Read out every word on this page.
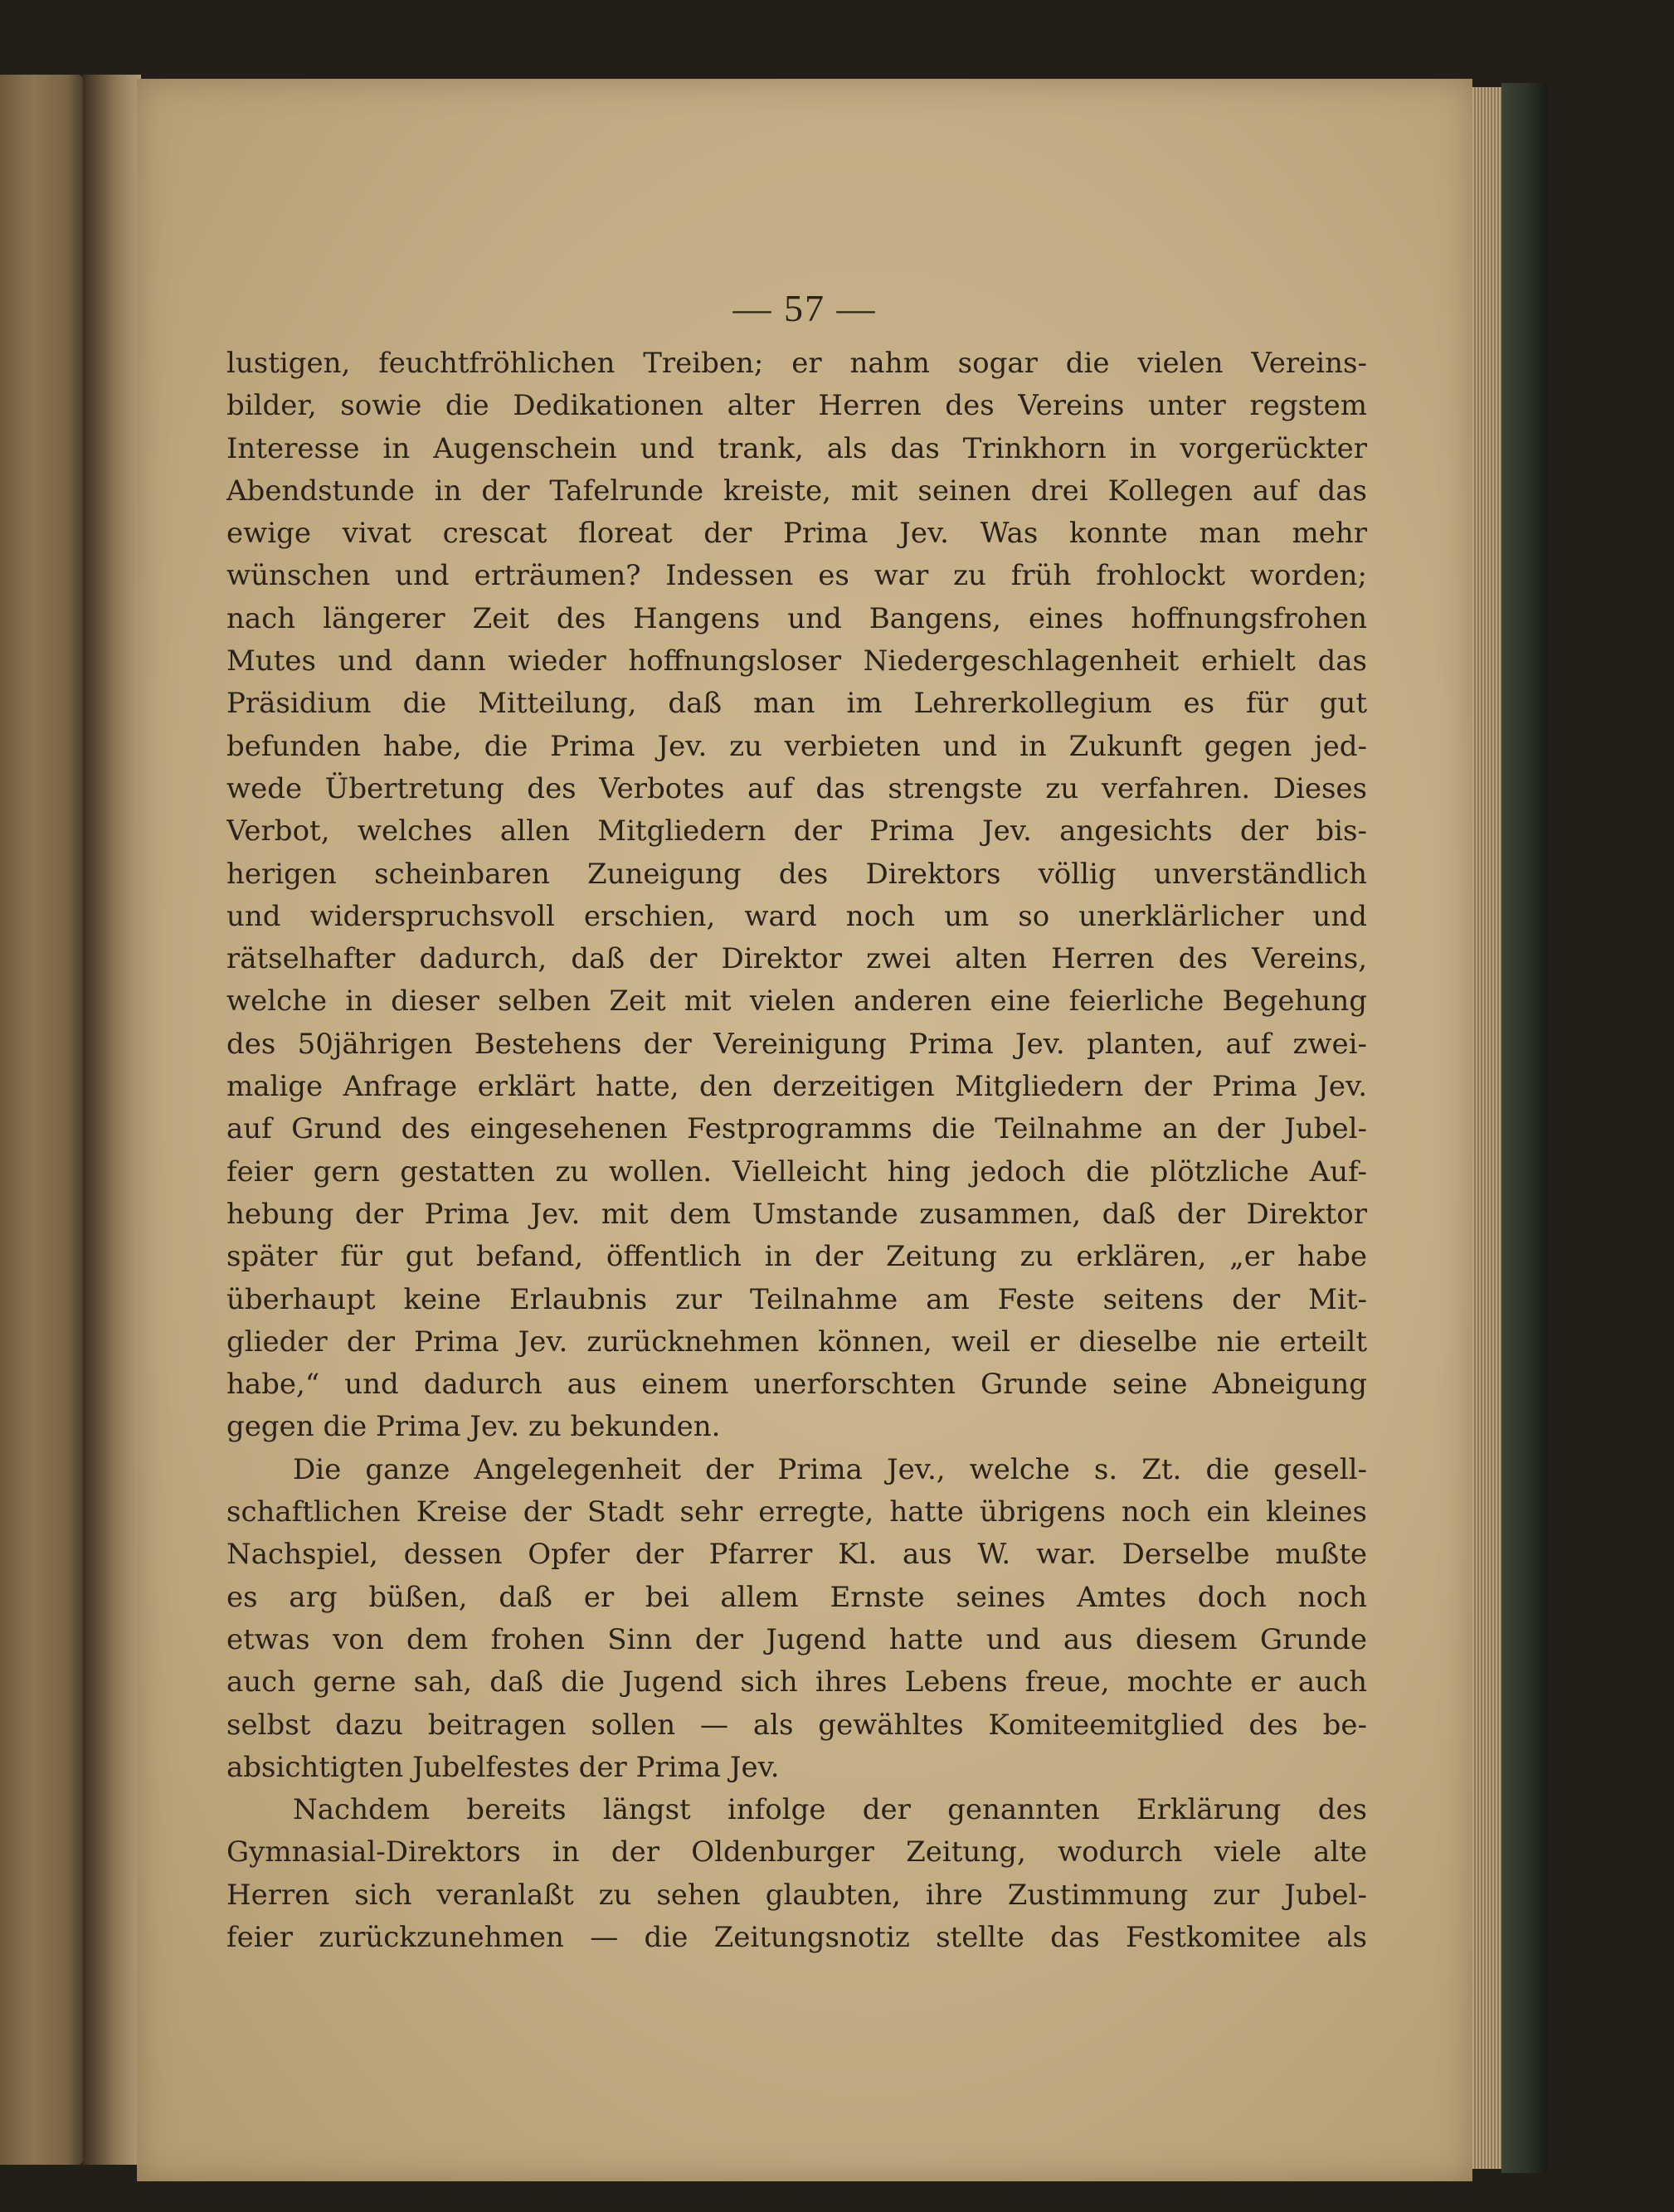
— 57 —
lustigen, feuchtfröhlichen Treiben; er nahm sogar die vielen Vereins-
bilder, sowie die Dedikationen alter Herren des Vereins unter regstem
Interesse in Augenschein und trank, als das Trinkhorn in vorgerückter
Abendstunde in der Tafelrunde kreiste, mit seinen drei Kollegen auf das
ewige vivat crescat floreat der Prima Jev. Was konnte man mehr
wünschen und erträumen? Indessen es war zu früh frohlockt worden;
nach längerer Zeit des Hangens und Bangens, eines hoffnungsfrohen
Mutes und dann wieder hoffnungsloser Niedergeschlagenheit erhielt das
Präsidium die Mitteilung, daß man im Lehrerkollegium es für gut
befunden habe, die Prima Jev. zu verbieten und in Zukunft gegen jed-
wede Übertretung des Verbotes auf das strengste zu verfahren. Dieses
Verbot, welches allen Mitgliedern der Prima Jev. angesichts der bis-
herigen scheinbaren Zuneigung des Direktors völlig unverständlich
und widerspruchsvoll erschien, ward noch um so unerklärlicher und
rätselhafter dadurch, daß der Direktor zwei alten Herren des Vereins,
welche in dieser selben Zeit mit vielen anderen eine feierliche Begehung
des 50jährigen Bestehens der Vereinigung Prima Jev. planten, auf zwei-
malige Anfrage erklärt hatte, den derzeitigen Mitgliedern der Prima Jev.
auf Grund des eingesehenen Festprogramms die Teilnahme an der Jubel-
feier gern gestatten zu wollen. Vielleicht hing jedoch die plötzliche Auf-
hebung der Prima Jev. mit dem Umstande zusammen, daß der Direktor
später für gut befand, öffentlich in der Zeitung zu erklären, „er habe
überhaupt keine Erlaubnis zur Teilnahme am Feste seitens der Mit-
glieder der Prima Jev. zurücknehmen können, weil er dieselbe nie erteilt
habe,“ und dadurch aus einem unerforschten Grunde seine Abneigung
gegen die Prima Jev. zu bekunden.
Die ganze Angelegenheit der Prima Jev., welche s. Zt. die gesell-
schaftlichen Kreise der Stadt sehr erregte, hatte übrigens noch ein kleines
Nachspiel, dessen Opfer der Pfarrer Kl. aus W. war. Derselbe mußte
es arg büßen, daß er bei allem Ernste seines Amtes doch noch
etwas von dem frohen Sinn der Jugend hatte und aus diesem Grunde
auch gerne sah, daß die Jugend sich ihres Lebens freue, mochte er auch
selbst dazu beitragen sollen — als gewähltes Komiteemitglied des be-
absichtigten Jubelfestes der Prima Jev.
Nachdem bereits längst infolge der genannten Erklärung des
Gymnasial-Direktors in der Oldenburger Zeitung, wodurch viele alte
Herren sich veranlaßt zu sehen glaubten, ihre Zustimmung zur Jubel-
feier zurückzunehmen — die Zeitungsnotiz stellte das Festkomitee als
